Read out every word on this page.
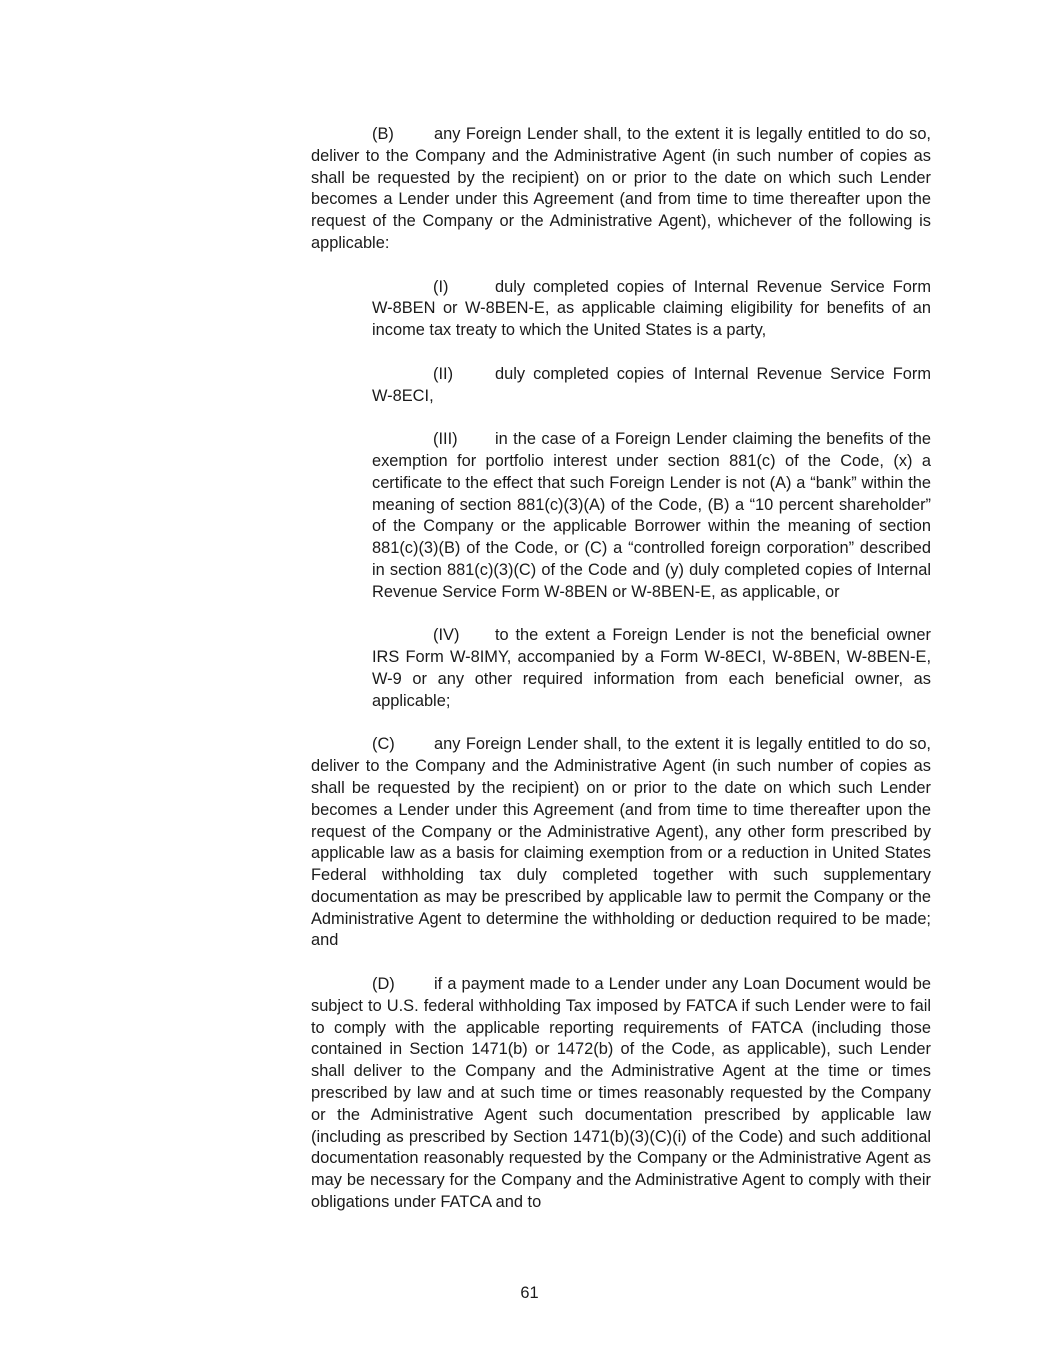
(B) any Foreign Lender shall, to the extent it is legally entitled to do so, deliver to the Company and the Administrative Agent (in such number of copies as shall be requested by the recipient) on or prior to the date on which such Lender becomes a Lender under this Agreement (and from time to time thereafter upon the request of the Company or the Administrative Agent), whichever of the following is applicable:

(I)	duly completed copies of Internal Revenue Service Form W-8BEN or W-8BEN-E, as applicable claiming eligibility for benefits of an income tax treaty to which the United States is a party,

(II)	duly completed copies of Internal Revenue Service Form W-8ECI,

(III) in the case of a Foreign Lender claiming the benefits of the exemption for portfolio interest under section 881(c) of the Code, (x) a certificate to the effect that such Foreign Lender is not (A) a “bank” within the meaning of section 881(c)(3)(A) of the Code, (B) a “10 percent shareholder” of the Company or the applicable Borrower within the meaning of section 881(c)(3)(B) of the Code, or (C) a “controlled foreign corporation” described in section 881(c)(3)(C) of the Code and (y) duly completed copies of Internal Revenue Service Form W-8BEN or W-8BEN-E, as applicable, or

(IV) to the extent a Foreign Lender is not the beneficial owner IRS Form W-8IMY, accompanied by a Form W-8ECI, W-8BEN, W-8BEN-E, W-9 or any other required information from each beneficial owner, as applicable;

(C) any Foreign Lender shall, to the extent it is legally entitled to do so, deliver to the Company and the Administrative Agent (in such number of copies as shall be requested by the recipient) on or prior to the date on which such Lender becomes a Lender under this Agreement (and from time to time thereafter upon the request of the Company or the Administrative Agent), any other form prescribed by applicable law as a basis for claiming exemption from or a reduction in United States Federal withholding tax duly completed together with such supplementary documentation as may be prescribed by applicable law to permit the Company or the Administrative Agent to determine the withholding or deduction required to be made; and

(D) if a payment made to a Lender under any Loan Document would be subject to U.S. federal withholding Tax imposed by FATCA if such Lender were to fail to comply with the applicable reporting requirements of FATCA (including those contained in Section 1471(b) or 1472(b) of the Code, as applicable), such Lender shall deliver to the Company and the Administrative Agent at the time or times prescribed by law and at such time or times reasonably requested by the Company or the Administrative Agent such documentation prescribed by applicable law (including as prescribed by Section 1471(b)(3)(C)(i) of the Code) and such additional documentation reasonably requested by the Company or the Administrative Agent as may be necessary for the Company and the Administrative Agent to comply with their obligations under FATCA and to

61
